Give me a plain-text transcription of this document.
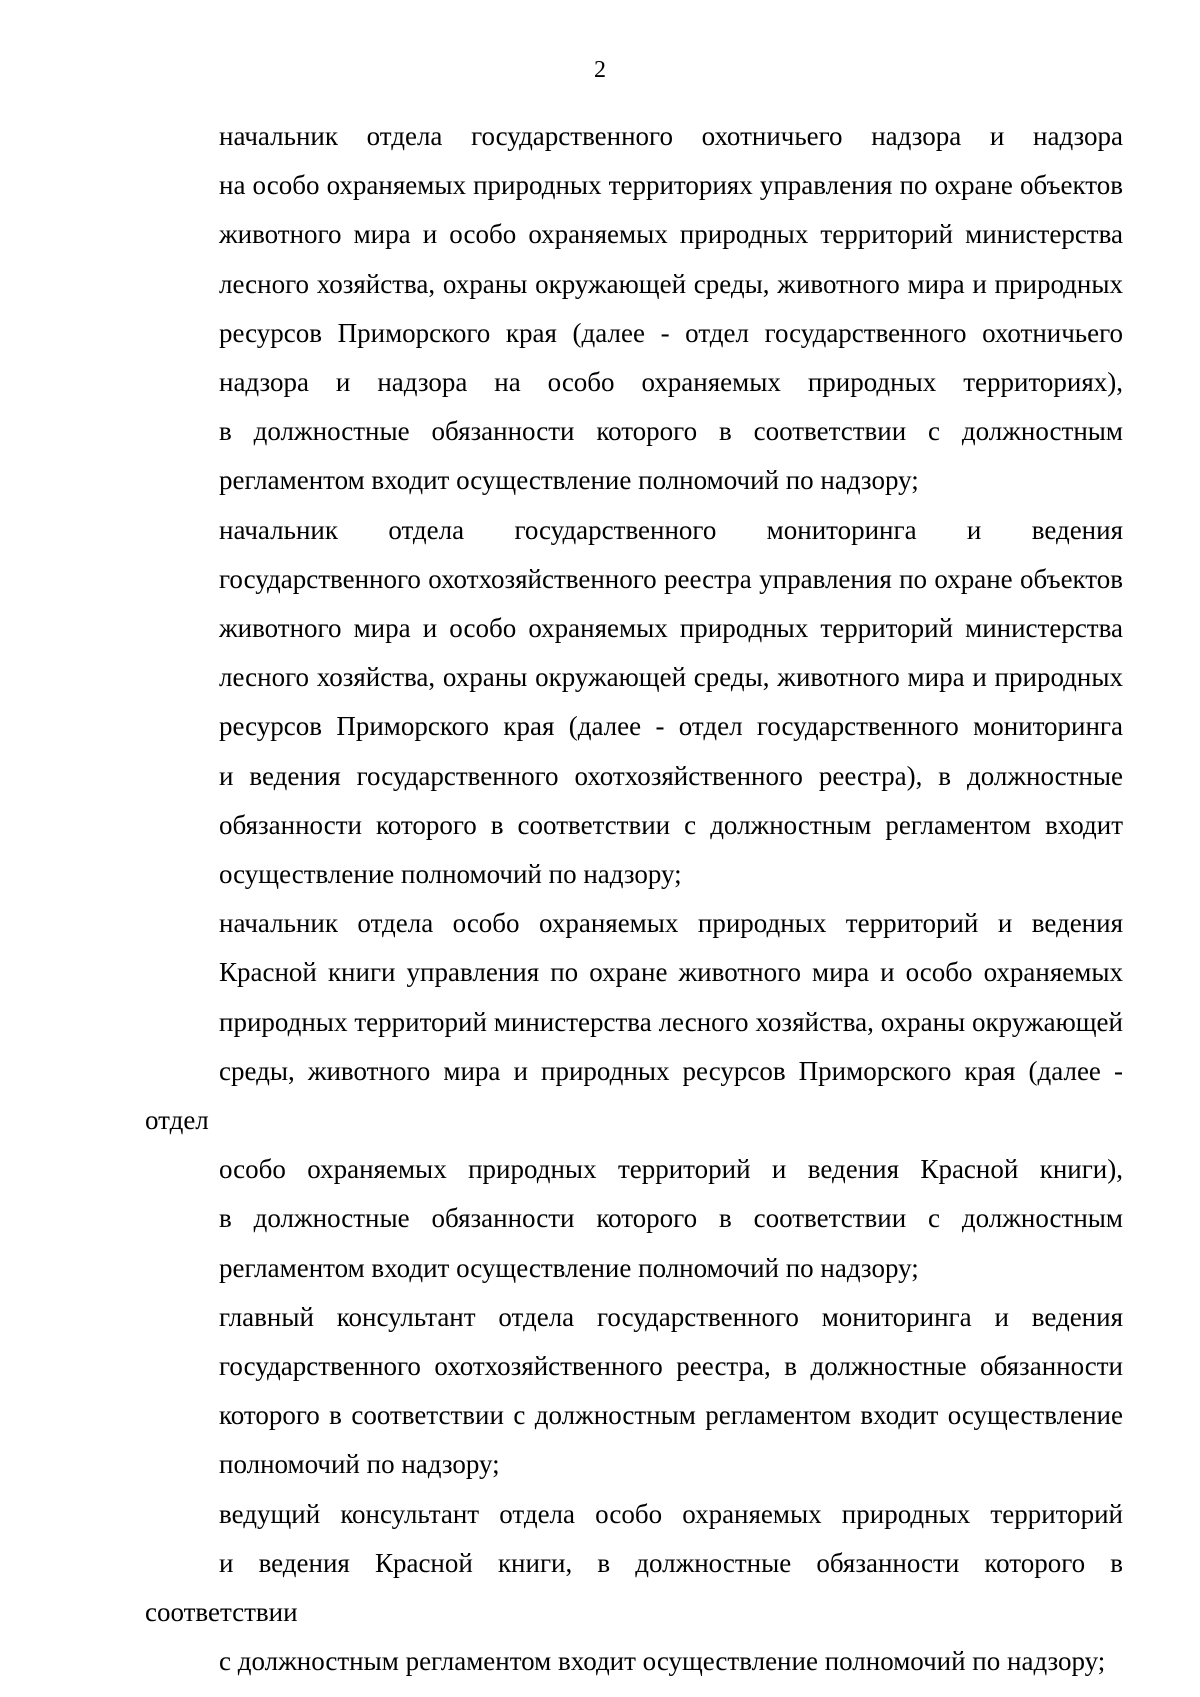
2

начальник отдела государственного охотничьего надзора и надзора
на особо охраняемых природных территориях управления по охране объектов
животного мира и особо охраняемых природных территорий министерства
лесного хозяйства, охраны окружающей среды, животного мира и природных
ресурсов Приморского края (далее - отдел государственного охотничьего
надзора и надзора на особо охраняемых природных территориях),
в должностные обязанности которого в соответствии с должностным
регламентом входит осуществление полномочий по надзору;

начальник отдела государственного мониторинга и ведения
государственного охотхозяйственного реестра управления по охране объектов
животного мира и особо охраняемых природных территорий министерства
лесного хозяйства, охраны окружающей среды, животного мира и природных
ресурсов Приморского края (далее - отдел государственного мониторинга
и ведения государственного охотхозяйственного реестра), в должностные
обязанности которого в соответствии с должностным регламентом входит
осуществление полномочий по надзору;

начальник отдела особо охраняемых природных территорий и ведения
Красной книги управления по охране животного мира и особо охраняемых
природных территорий министерства лесного хозяйства, охраны окружающей
среды, животного мира и природных ресурсов Приморского края (далее - отдел
особо охраняемых природных территорий и ведения Красной книги),
в должностные обязанности которого в соответствии с должностным
регламентом входит осуществление полномочий по надзору;

главный консультант отдела государственного мониторинга и ведения
государственного охотхозяйственного реестра, в должностные обязанности
которого в соответствии с должностным регламентом входит осуществление
полномочий по надзору;

ведущий консультант отдела особо охраняемых природных территорий
и ведения Красной книги, в должностные обязанности которого в соответствии
с должностным регламентом входит осуществление полномочий по надзору;
